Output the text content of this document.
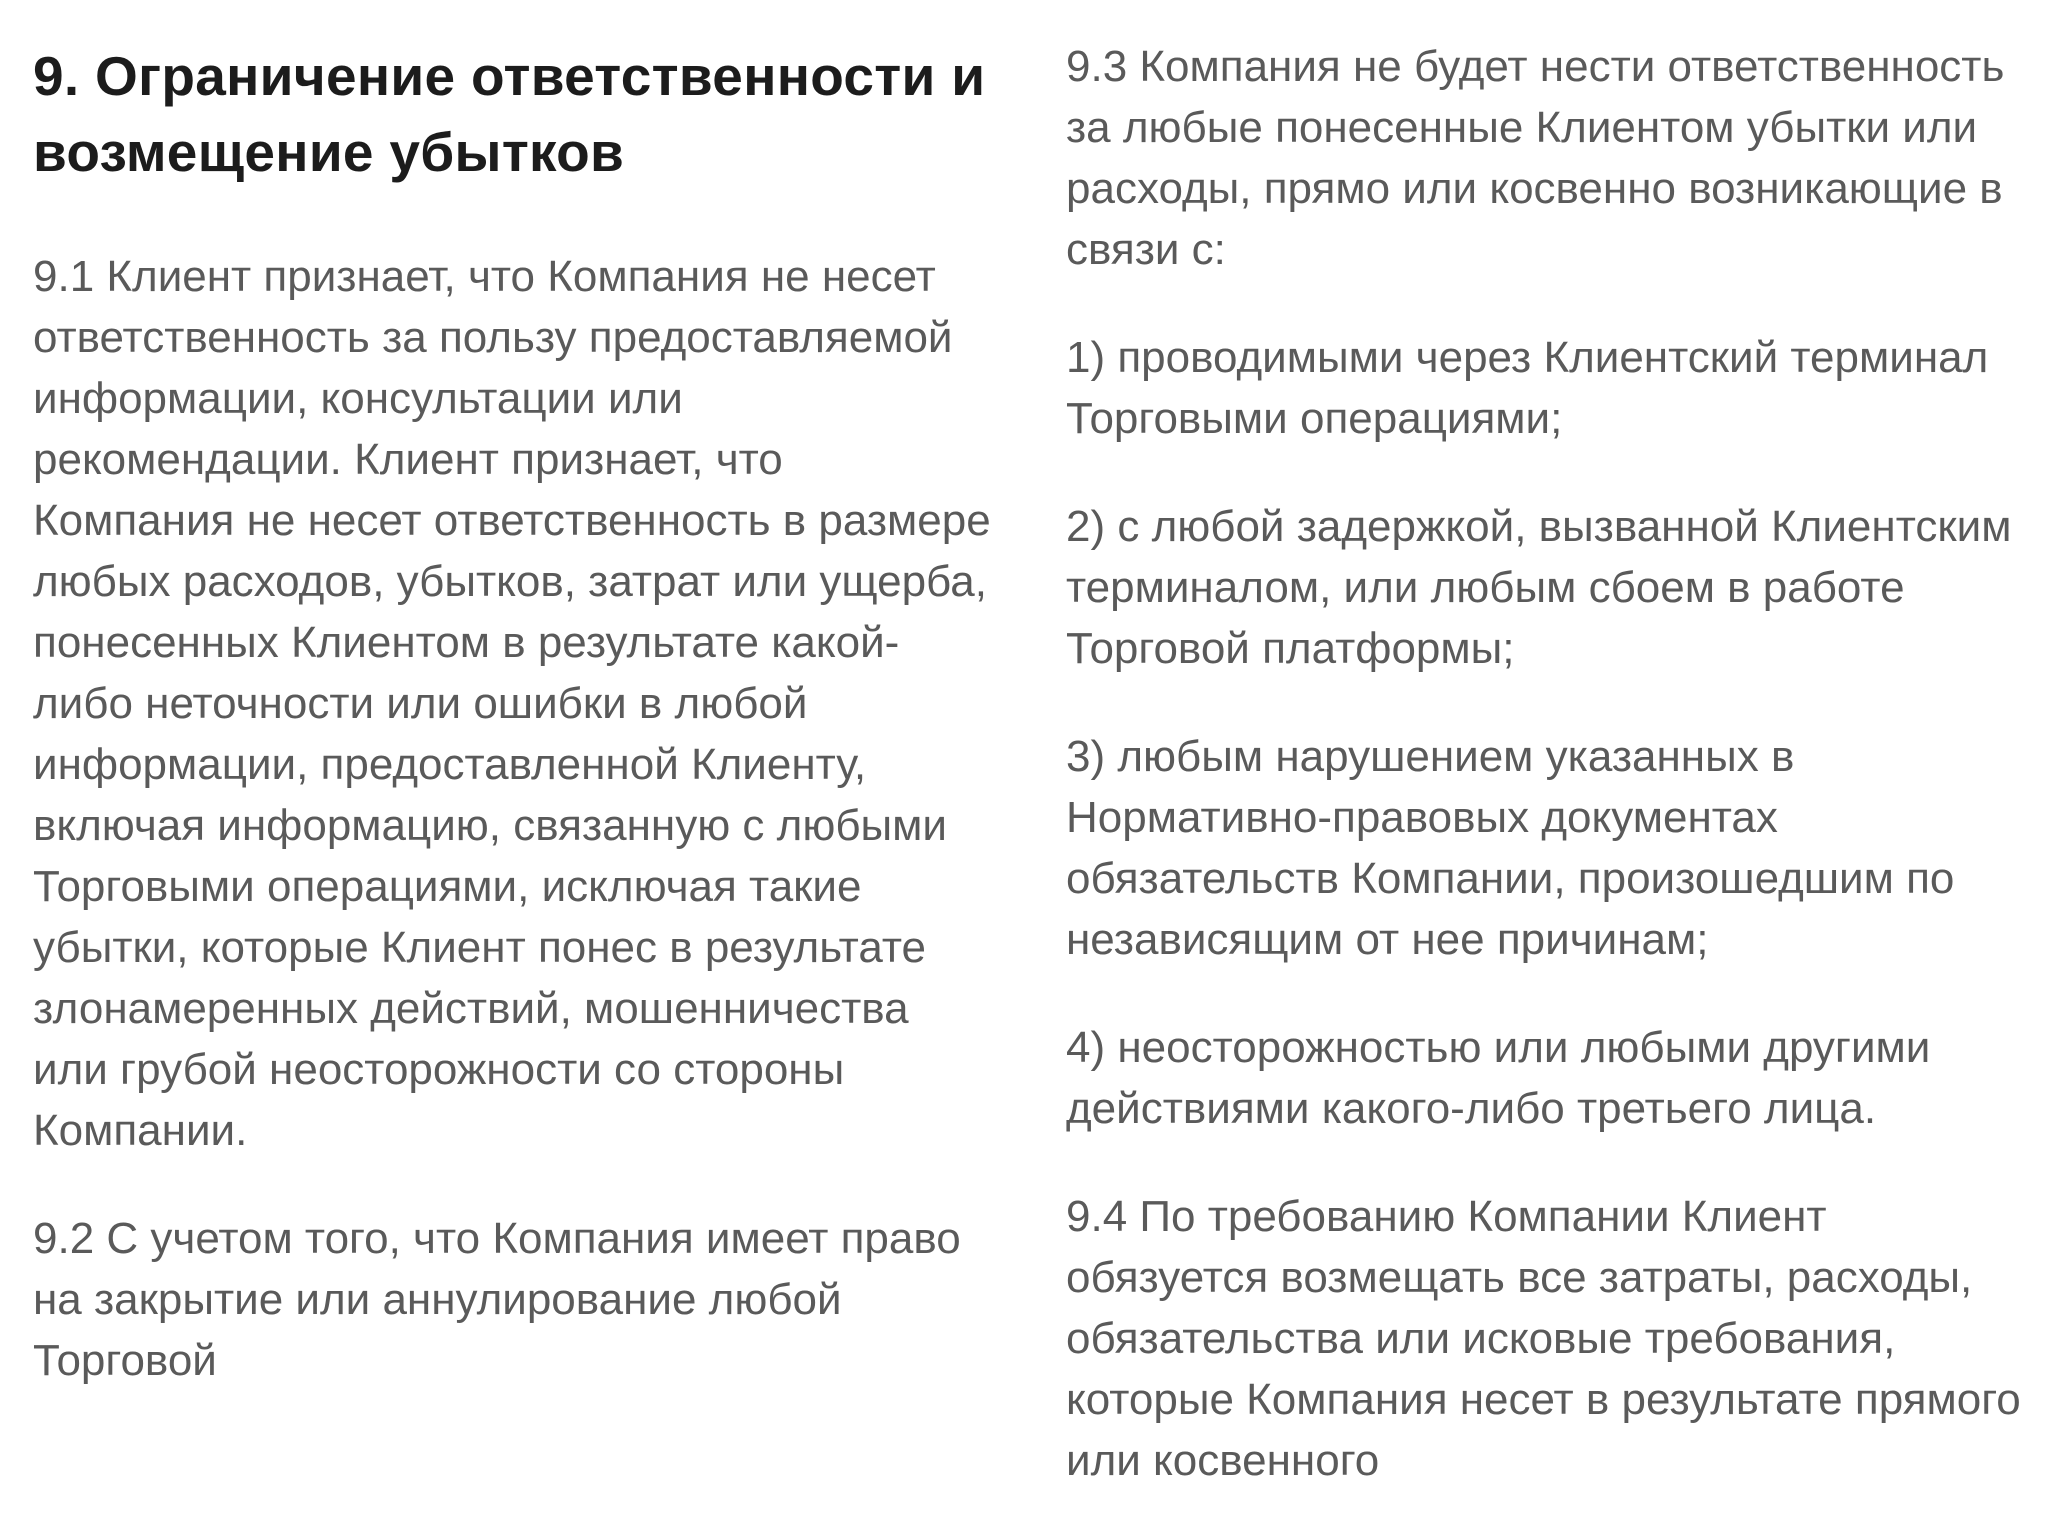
9. Ограничение ответственности и возмещение убытков

9.1 Клиент признает, что Компания не несет ответственность за пользу предоставляемой информации, консультации или рекомендации. Клиент признает, что Компания не несет ответственность в размере любых расходов, убытков, затрат или ущерба, понесенных Клиентом в результате какой-либо неточности или ошибки в любой информации, предоставленной Клиенту, включая информацию, связанную с любыми Торговыми операциями, исключая такие убытки, которые Клиент понес в результате злонамеренных действий, мошенничества или грубой неосторожности со стороны Компании.

9.2 С учетом того, что Компания имеет право на закрытие или аннулирование любой Торговой

9.3 Компания не будет нести ответственность за любые понесенные Клиентом убытки или расходы, прямо или косвенно возникающие в связи с:

1) проводимыми через Клиентский терминал Торговыми операциями;

2) с любой задержкой, вызванной Клиентским терминалом, или любым сбоем в работе Торговой платформы;

3) любым нарушением указанных в Нормативно-правовых документах обязательств Компании, произошедшим по независящим от нее причинам;

4) неосторожностью или любыми другими действиями какого-либо третьего лица.

9.4 По требованию Компании Клиент обязуется возмещать все затраты, расходы, обязательства или исковые требования, которые Компания несет в результате прямого или косвенного
